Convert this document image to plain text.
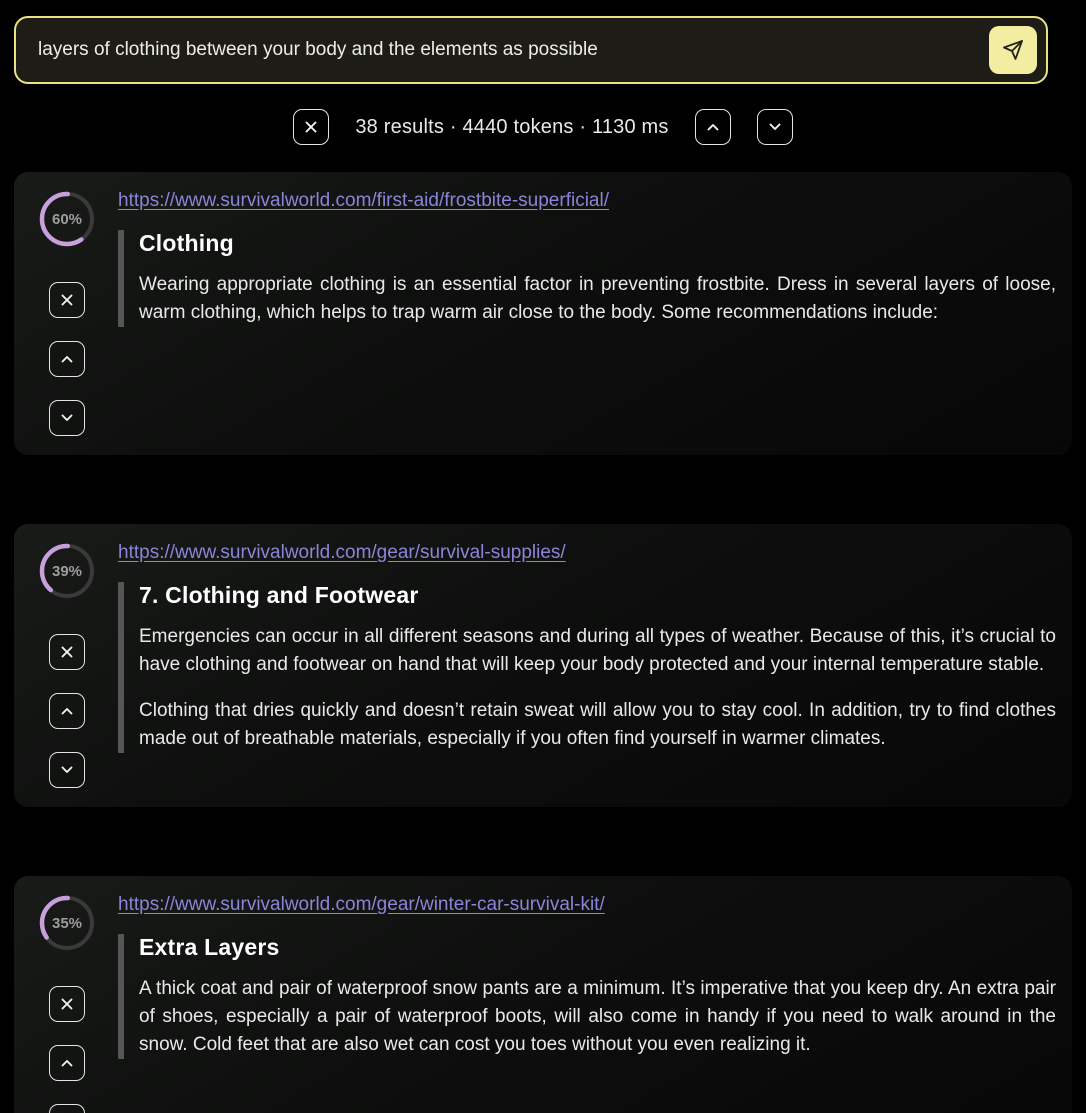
layers of clothing between your body and the elements as possible
38 results · 4440 tokens · 1130 ms
60%
https://www.survivalworld.com/first-aid/frostbite-superficial/
Clothing

Wearing appropriate clothing is an essential factor in preventing frostbite. Dress in several layers of loose, warm clothing, which helps to trap warm air close to the body. Some recommendations include:

39%
https://www.survivalworld.com/gear/survival-supplies/
7. Clothing and Footwear

Emergencies can occur in all different seasons and during all types of weather. Because of this, it’s crucial to have clothing and footwear on hand that will keep your body protected and your internal temperature stable.

Clothing that dries quickly and doesn’t retain sweat will allow you to stay cool. In addition, try to find clothes made out of breathable materials, especially if you often find yourself in warmer climates.

35%
https://www.survivalworld.com/gear/winter-car-survival-kit/
Extra Layers

A thick coat and pair of waterproof snow pants are a minimum. It’s imperative that you keep dry. An extra pair of shoes, especially a pair of waterproof boots, will also come in handy if you need to walk around in the snow. Cold feet that are also wet can cost you toes without you even realizing it.
